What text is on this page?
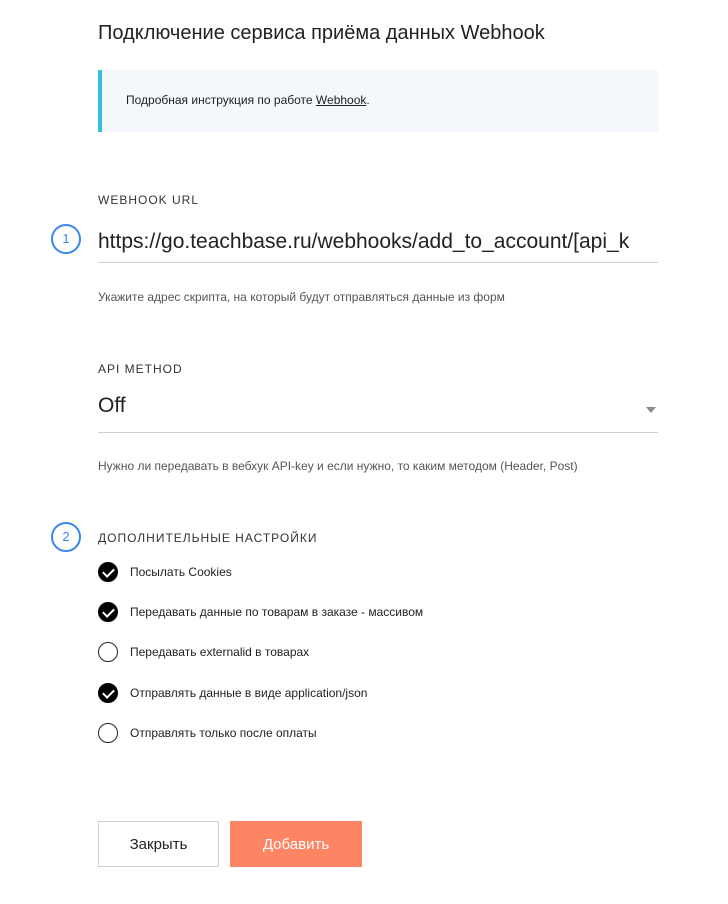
Подключение сервиса приёма данных Webhook
Подробная инструкция по работе Webhook.
WEBHOOK URL
1
https://go.teachbase.ru/webhooks/add_to_account/[api_k
Укажите адрес скрипта, на который будут отправляться данные из форм
API METHOD
Off
Нужно ли передавать в вебхук API-key и если нужно, то каким методом (Header, Post)
2	ДОПОЛНИТЕЛЬНЫЕ НАСТРОЙКИ
Посылать Cookies
Передавать данные по товарам в заказе - массивом
Передавать externalid в товарах
Отправлять данные в виде application/json
Отправлять только после оплаты
Закрыть	Добавить
